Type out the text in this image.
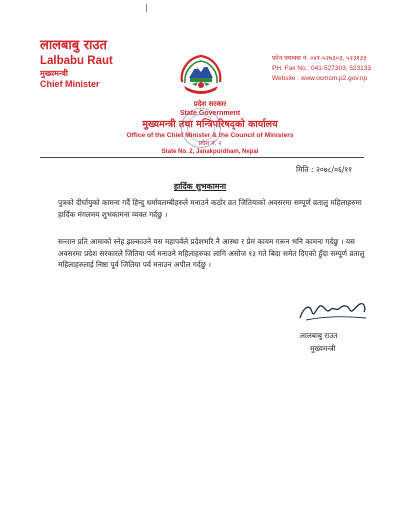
लालबाबु राउत
Lalbabu Raut
मुख्यमन्त्री
Chief Minister
फोन फ्याक्स नं. ०४१-५२७३०३, ५२३१३३
PH. Fax No.: 041-527303, 523133
Website : www.ocmcm.p2.gov.np
प्रदेश सरकार
State Government
मुख्यमन्त्री तथा मन्त्रिपरिषद्को कार्यालय
Office of the Chief Minister & the Council of Ministers
प्रदेश नं. २
State No. 2, Janakpurdham, Nepal
मिति : २०७८/०६/११
हार्दिक शुभकामना

पुत्रको दीर्घायुको कामना गर्दै हिन्दु धर्मावलम्बीहरुले मनाउने कठोर व्रत जितियाको अवसरमा सम्पूर्ण व्रतालु महिलाहरुमा हार्दिक मंगलमय शुभकामना व्यक्त गर्दछु ।

सन्तान प्रति आमाको स्नेह झल्काउने यस महापर्वले प्रदेशभरि नै आस्था र प्रेम कायम गरून भनि कामना गर्दछु । यस अवसरमा प्रदेश सरकारले जितिया पर्व मनाउने महिलाहरुका लागि असोज १३ गते बिदा समेत दिएको हुँदा सम्पूर्ण व्रतालु महिलाहरुलाई निष्ठा पूर्व जितिया पर्व मनाउन अपील गर्दछु ।

लालबाबु राउत
मुख्यमन्त्री
